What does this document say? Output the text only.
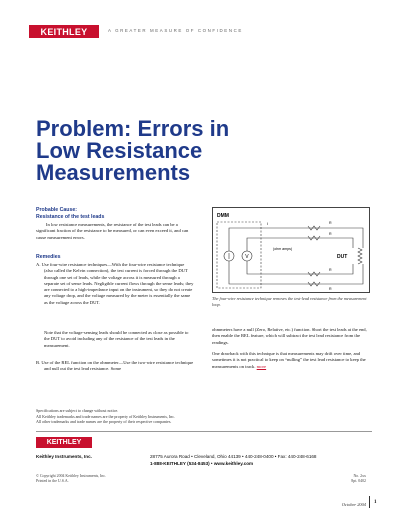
KEITHLEY	A GREATER MEASURE OF CONFIDENCE
Problem: Errors in Low Resistance Measurements
Probable Cause:
Resistance of the test leads
In low resistance measurements, the resistance of the test leads can be a significant fraction of the resistance to be measured, or can even exceed it, and can cause measurement errors.
Remedies
A. Use four-wire resistance techniques—With the four-wire resistance technique (also called the Kelvin connection), the test current is forced through the DUT through one set of leads, while the voltage across it is measured through a separate set of sense leads. Negligible current flows through the sense leads; they are connected to a high-impedance input on the instrument, so they do not create any voltage drop, and the voltage measured by the meter is essentially the same as the voltage across the DUT.
Note that the voltage-sensing leads should be connected as close as possible to the DUT to avoid including any of the resistance of the test leads in the measurement.
B. Use of the REL function on the ohmmeter—Use the two-wire resistance technique and null out the test lead resistance. Some
Specifications are subject to change without notice.
All Keithley trademarks and trade names are the property of Keithley Instruments, Inc.
All other trademarks and trade names are the property of their respective companies.
DMM
V
R
R
R
R
DUT
(ohm amps)
I
The four-wire resistance technique removes the test-lead resistance from the measurement loop.
ohmmeters have a null (Zero, Relative, etc.) function. Short the test leads at the end, then enable the REL feature, which will subtract the test lead resistance from the readings.
One drawback with this technique is that measurements may drift over time, and sometimes it is not practical to keep on “nulling” the test lead resistance to keep the measurements on track. more
KEITHLEY
Keithley Instruments, Inc.	28775 Aurora Road • Cleveland, Ohio 44139 • 440-248-0400 • Fax: 440-248-6168
1-888-KEITHLEY (534-8453) • www.keithley.com
© Copyright 2004 Keithley Instruments, Inc.
Printed in the U.S.A.
No. 2xx
8pt. 0402
October 2004 1
